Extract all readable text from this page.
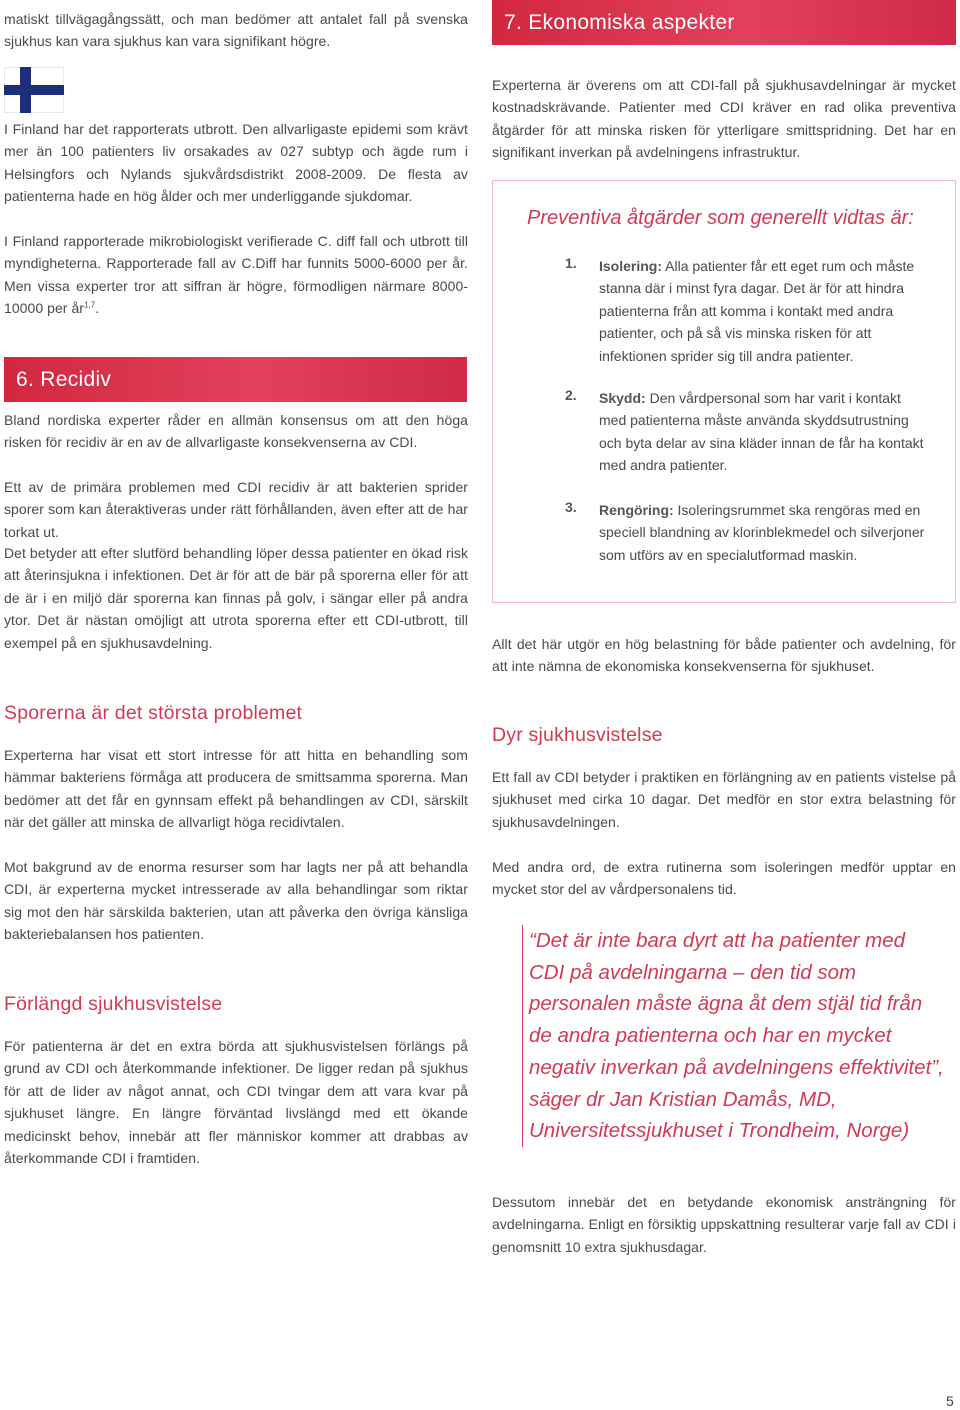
matiskt tillvägagångssätt, och man bedömer att antalet fall på svenska sjukhus kan vara sjukhus kan vara signifikant högre.

I Finland har det rapporterats utbrott. Den allvarligaste epidemi som krävt mer än 100 patienters liv orsakades av 027 subtyp och ägde rum i Helsingfors och Nylands sjukvårdsdistrikt 2008-2009. De flesta av patienterna hade en hög ålder och mer underliggande sjukdomar.

I Finland rapporterade mikrobiologiskt verifierade C. diff fall och utbrott till myndigheterna. Rapporterade fall av C.Diff har funnits 5000-6000 per år. Men vissa experter tror att siffran är högre, förmodligen närmare 8000-10000 per år$^{1,7}$.

6. Recidiv

Bland nordiska experter råder en allmän konsensus om att den höga risken för recidiv är en av de allvarligaste konsekvenserna av CDI.

Ett av de primära problemen med CDI recidiv är att bakterien sprider sporer som kan återaktiveras under rätt förhållanden, även efter att de har torkat ut.

Det betyder att efter slutförd behandling löper dessa patienter en ökad risk att återinsjukna i infektionen. Det är för att de bär på sporerna eller för att de är i en miljö där sporerna kan finnas på golv, i sängar eller på andra ytor. Det är nästan omöjligt att utrota sporerna efter ett CDI-utbrott, till exempel på en sjukhusavdelning.

Sporerna är det största problemet

Experterna har visat ett stort intresse för att hitta en behandling som hämmar bakteriens förmåga att producera de smittsamma sporerna. Man bedömer att det får en gynnsam effekt på behandlingen av CDI, särskilt när det gäller att minska de allvarligt höga recidivtalen.

Mot bakgrund av de enorma resurser som har lagts ner på att behandla CDI, är experterna mycket intresserade av alla behandlingar som riktar sig mot den här särskilda bakterien, utan att påverka den övriga känsliga bakteriebalansen hos patienten.

Förlängd sjukhusvistelse

För patienterna är det en extra börda att sjukhusvistelsen förlängs på grund av CDI och återkommande infektioner. De ligger redan på sjukhus för att de lider av något annat, och CDI tvingar dem att vara kvar på sjukhuset längre. En längre förväntad livslängd med ett ökande medicinskt behov, innebär att fler människor kommer att drabbas av återkommande CDI i framtiden.

7. Ekonomiska aspekter

Experterna är överens om att CDI-fall på sjukhusavdelningar är mycket kostnadskrävande. Patienter med CDI kräver en rad olika preventiva åtgärder för att minska risken för ytterligare smittspridning. Det har en signifikant inverkan på avdelningens infrastruktur.

Preventiva åtgärder som generellt vidtas är:
1. Isolering: Alla patienter får ett eget rum och måste stanna där i minst fyra dagar. Det är för att hindra patienterna från att komma i kontakt med andra patienter, och på så vis minska risken för att infektionen sprider sig till andra patienter.

2. Skydd: Den vårdpersonal som har varit i kontakt med patienterna måste använda skyddsutrustning och byta delar av sina kläder innan de får ha kontakt med andra patienter.

3. Rengöring: Isoleringsrummet ska rengöras med en speciell blandning av klorinblekmedel och silverjoner som utförs av en specialutformad maskin.

Allt det här utgör en hög belastning för både patienter och avdelning, för att inte nämna de ekonomiska konsekvenserna för sjukhuset.

Dyr sjukhusvistelse

Ett fall av CDI betyder i praktiken en förlängning av en patients vistelse på sjukhuset med cirka 10 dagar. Det medför en stor extra belastning för sjukhusavdelningen.

Med andra ord, de extra rutinerna som isoleringen medför upptar en mycket stor del av vårdpersonalens tid.

“Det är inte bara dyrt att ha patienter med CDI på avdelningarna – den tid som personalen måste ägna åt dem stjäl tid från de andra patienterna och har en mycket negativ inverkan på avdelningens effektivitet”, säger dr Jan Kristian Damås, MD, Universitetssjukhuset i Trondheim, Norge)

Dessutom innebär det en betydande ekonomisk ansträngning för avdelningarna. Enligt en försiktig uppskattning resulterar varje fall av CDI i genomsnitt 10 extra sjukhusdagar.

5
